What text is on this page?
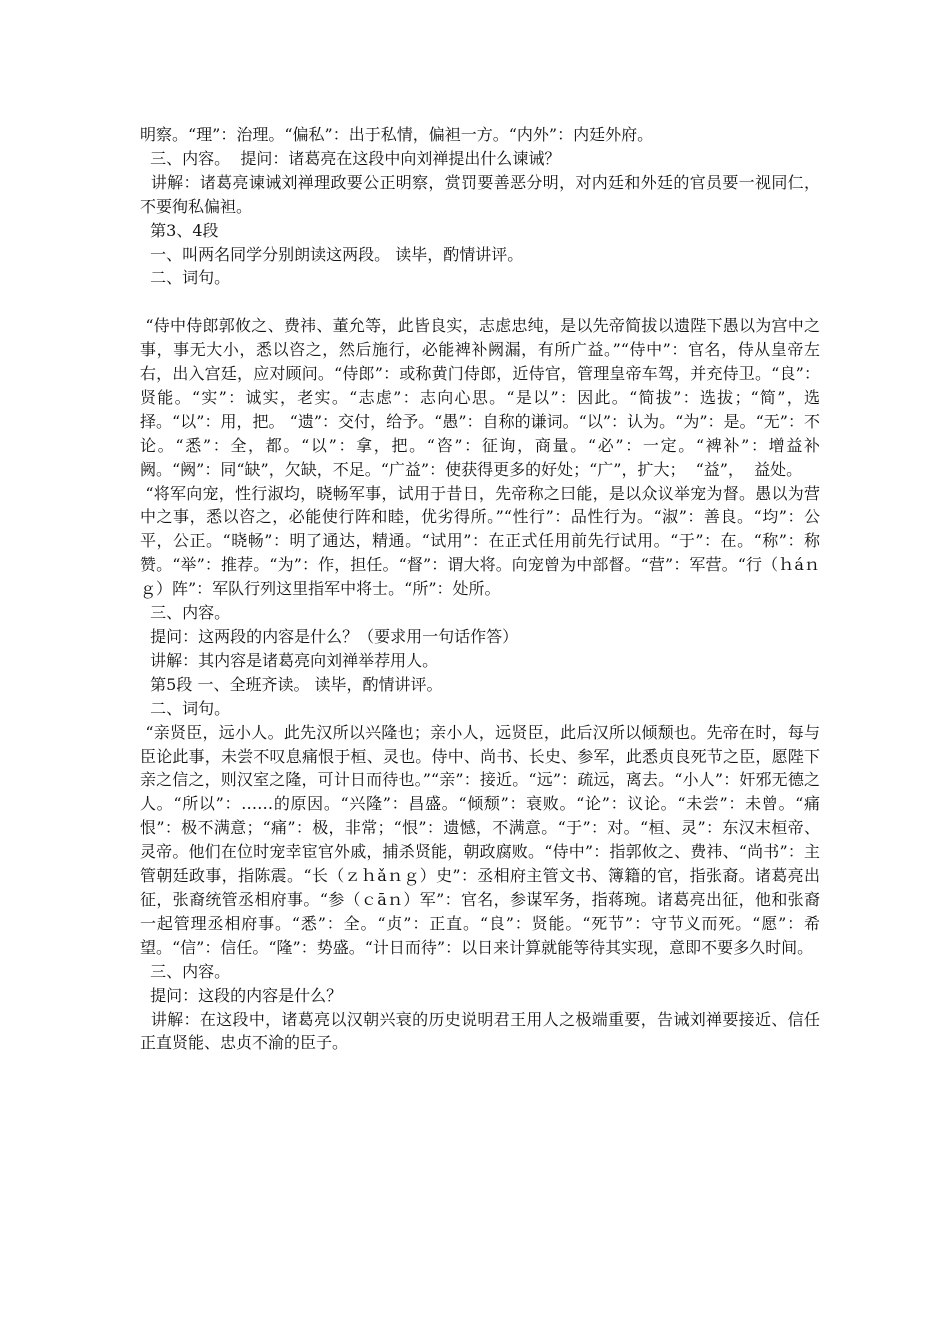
明察。“理”：治理。“偏私”：出于私情，偏袒一方。“内外”：内廷外府。

三、内容。  提问：诸葛亮在这段中向刘禅提出什么谏诫？

讲解：诸葛亮谏诫刘禅理政要公正明察，赏罚要善恶分明，对内廷和外廷的官员要一视同仁，不要徇私偏袒。

第3、4段

一、叫两名同学分别朗读这两段。 读毕，酌情讲评。

二、词句。

“侍中侍郎郭攸之、费祎、董允等，此皆良实，志虑忠纯，是以先帝简拔以遗陛下愚以为宫中之事，事无大小，悉以咨之，然后施行，必能裨补阙漏，有所广益。”“侍中”：官名，侍从皇帝左右，出入宫廷，应对顾问。“侍郎”：或称黄门侍郎，近侍官，管理皇帝车驾，并充侍卫。“良”：贤能。“实”：诚实，老实。“志虑”：志向心思。“是以”：因此。“简拔”：选拔；“简”，选择。“以”：用，把。 “遗”：交付，给予。“愚”：自称的谦词。“以”：认为。“为”：是。“无”：不论。“悉”：全，都。“以”：拿，把。“咨”：征询，商量。“必”：一定。“裨补”：增益补阙。“阙”：同“缺”，欠缺，不足。“广益”：使获得更多的好处；“广”，扩大；  “益”，  益处。

“将军向宠，性行淑均，晓畅军事，试用于昔日，先帝称之曰能，是以众议举宠为督。愚以为营中之事，悉以咨之，必能使行阵和睦，优劣得所。”“性行”：品性行为。“淑”：善良。“均”：公平，公正。“晓畅”：明了通达，精通。“试用”：在正式任用前先行试用。“于”：在。“称”：称赞。“举”：推荐。“为”：作，担任。“督”：谓大将。向宠曾为中部督。“营”：军营。“行（ｈáｎｇ）阵”：军队行列这里指军中将士。“所”：处所。

三、内容。

提问：这两段的内容是什么？（要求用一句话作答）

讲解：其内容是诸葛亮向刘禅举荐用人。

第5段 一、全班齐读。 读毕，酌情讲评。

二、词句。

“亲贤臣，远小人。此先汉所以兴隆也；亲小人，远贤臣，此后汉所以倾颓也。先帝在时，每与臣论此事，未尝不叹息痛恨于桓、灵也。侍中、尚书、长史、参军，此悉贞良死节之臣，愿陛下亲之信之，则汉室之隆，可计日而待也。”“亲”：接近。“远”：疏远，离去。“小人”：奸邪无德之人。“所以”：……的原因。“兴隆”：昌盛。“倾颓”：衰败。“论”：议论。“未尝”：未曾。“痛恨”：极不满意；“痛”：极，非常；“恨”：遗憾，不满意。“于”：对。“桓、灵”：东汉末桓帝、灵帝。他们在位时宠幸宦官外戚，捕杀贤能，朝政腐败。“侍中”：指郭攸之、费祎、“尚书”：主管朝廷政事，指陈震。“长（ｚｈǎｎｇ）史”：丞相府主管文书、簿籍的官，指张裔。诸葛亮出征，张裔统管丞相府事。“参（ｃāｎ）军”：官名，参谋军务，指蒋琬。诸葛亮出征，他和张裔一起管理丞相府事。“悉”：全。“贞”：正直。“良”：贤能。“死节”：守节义而死。“愿”：希望。“信”：信任。“隆”：势盛。“计日而待”：以日来计算就能等待其实现，意即不要多久时间。

三、内容。

提问：这段的内容是什么？

讲解：在这段中，诸葛亮以汉朝兴衰的历史说明君王用人之极端重要，告诫刘禅要接近、信任正直贤能、忠贞不渝的臣子。
